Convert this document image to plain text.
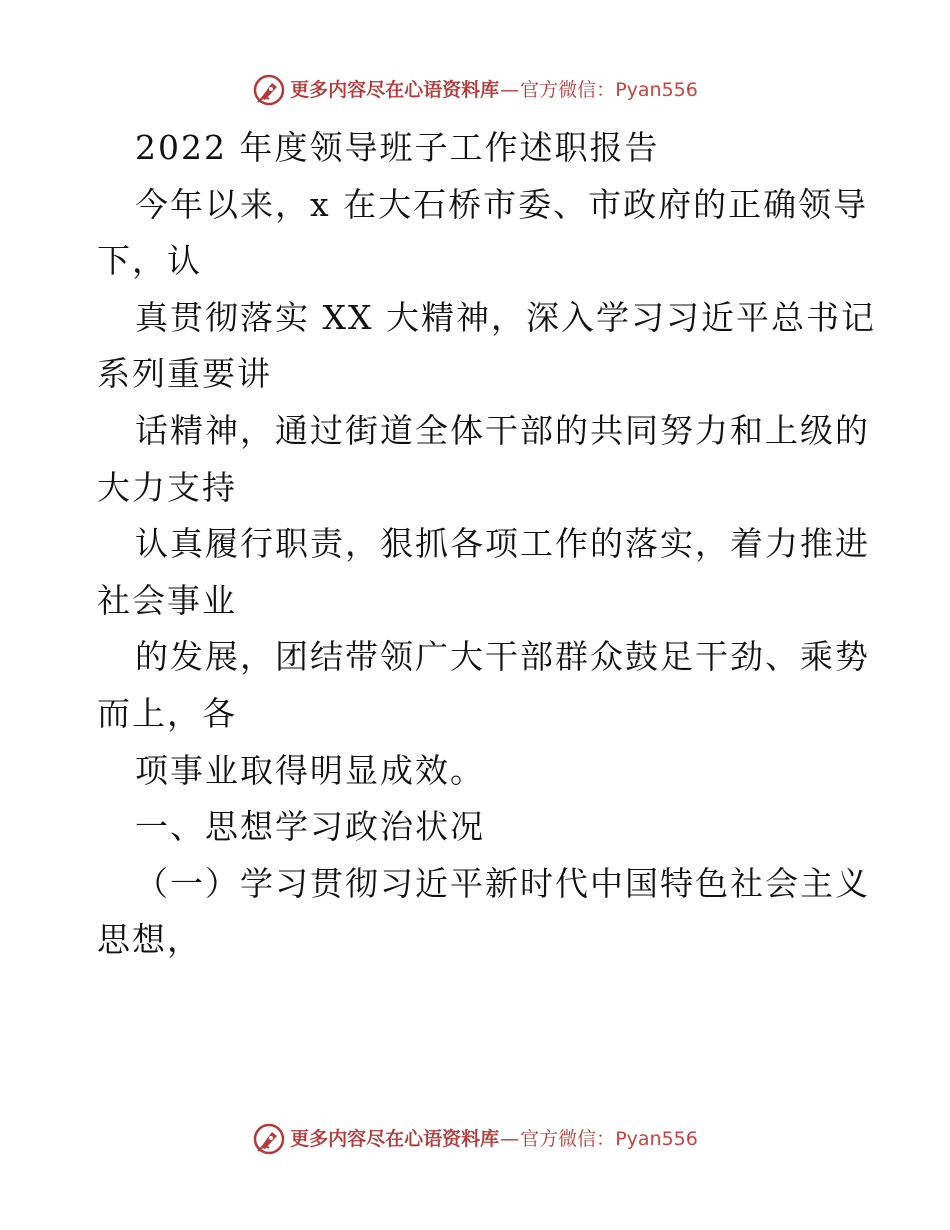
更多内容尽在心语资料库 — 官方微信： Pyan556
2022 年度领导班子工作述职报告
今年以来，x 在大石桥市委、市政府的正确领导
下，认
真贯彻落实 XX 大精神，深入学习习近平总书记
系列重要讲
话精神，通过街道全体干部的共同努力和上级的
大力支持
认真履行职责，狠抓各项工作的落实，着力推进
社会事业
的发展，团结带领广大干部群众鼓足干劲、乘势
而上，各
项事业取得明显成效。
一、思想学习政治状况
（一）学习贯彻习近平新时代中国特色社会主义
思想，
更多内容尽在心语资料库 — 官方微信： Pyan556
